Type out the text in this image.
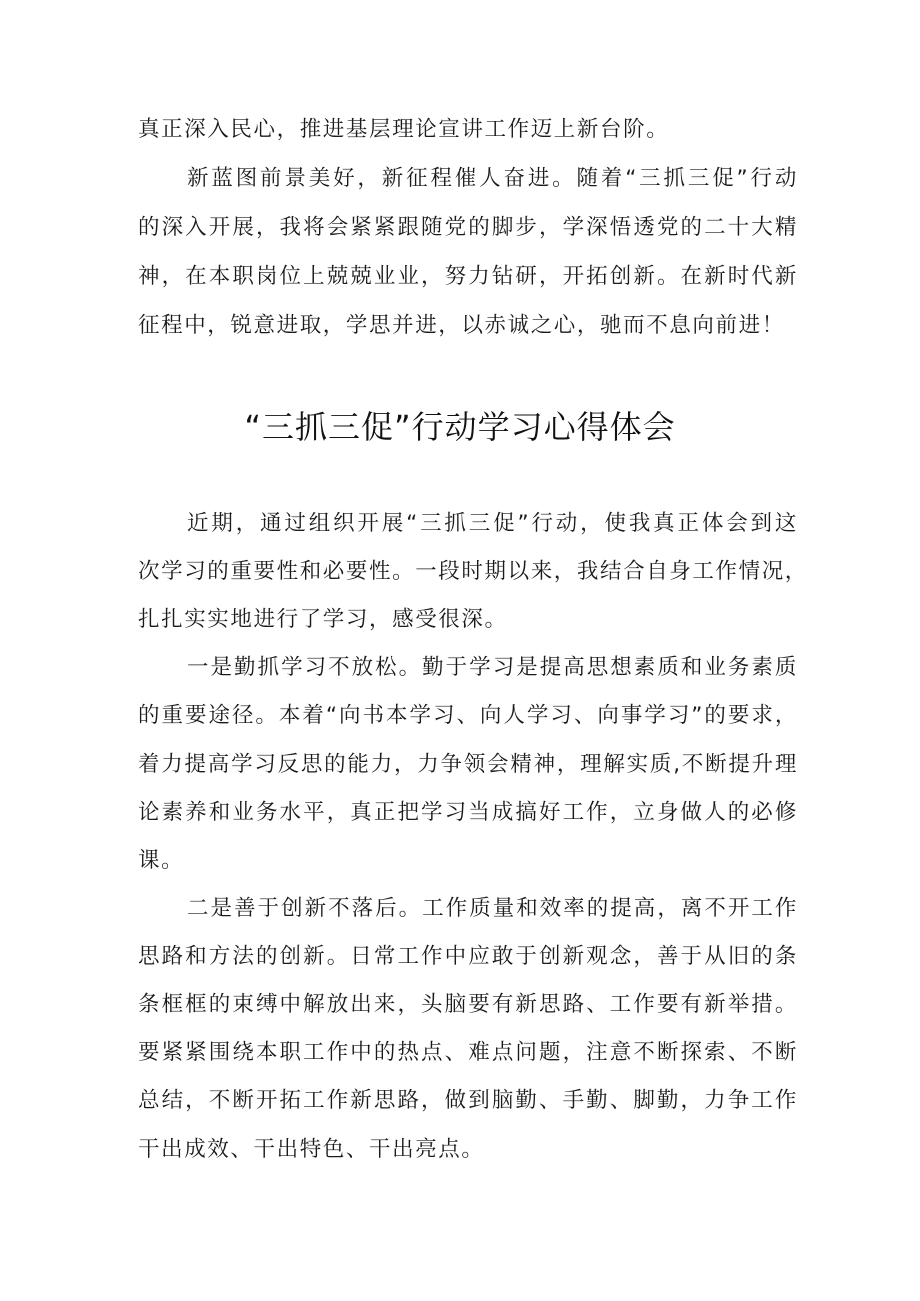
真正深入民心，推进基层理论宣讲工作迈上新台阶。
新蓝图前景美好，新征程催人奋进。随着“三抓三促”行动
的深入开展，我将会紧紧跟随党的脚步，学深悟透党的二十大精
神，在本职岗位上兢兢业业，努力钻研，开拓创新。在新时代新
征程中，锐意进取，学思并进，以赤诚之心，驰而不息向前进！
“三抓三促”行动学习心得体会
近期，通过组织开展“三抓三促”行动，使我真正体会到这
次学习的重要性和必要性。一段时期以来，我结合自身工作情况，
扎扎实实地进行了学习，感受很深。
一是勤抓学习不放松。勤于学习是提高思想素质和业务素质
的重要途径。本着“向书本学习、向人学习、向事学习”的要求，
着力提高学习反思的能力，力争领会精神，理解实质,不断提升理
论素养和业务水平，真正把学习当成搞好工作，立身做人的必修
课。
二是善于创新不落后。工作质量和效率的提高，离不开工作
思路和方法的创新。日常工作中应敢于创新观念，善于从旧的条
条框框的束缚中解放出来，头脑要有新思路、工作要有新举措。
要紧紧围绕本职工作中的热点、难点问题，注意不断探索、不断
总结，不断开拓工作新思路，做到脑勤、手勤、脚勤，力争工作
干出成效、干出特色、干出亮点。
